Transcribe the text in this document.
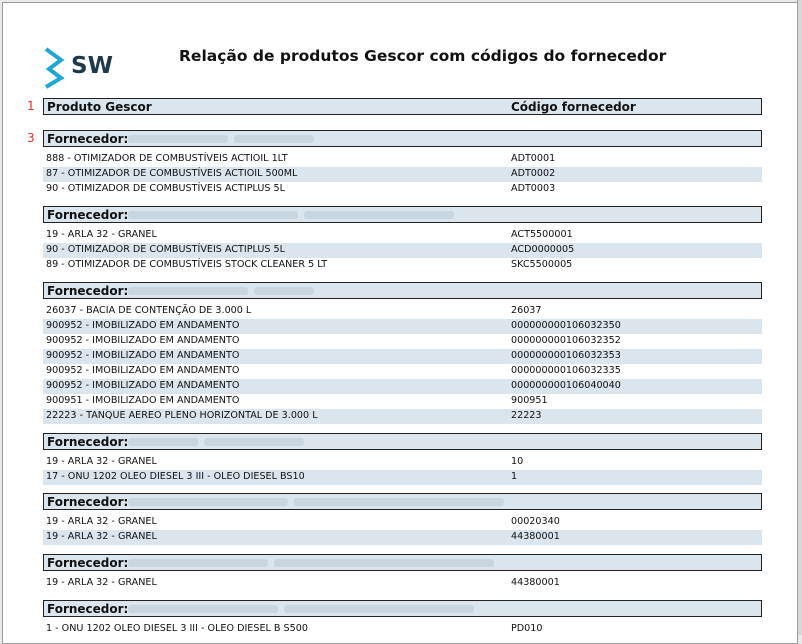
SW	Relação de produtos Gescor com códigos do fornecedor
1
3
Produto Gescor	Código fornecedor
Fornecedor:
888 - OTIMIZADOR DE COMBUSTÍVEIS ACTIOIL 1LT	ADT0001
87 - OTIMIZADOR DE COMBUSTÍVEIS ACTIOIL 500ML	ADT0002
90 - OTIMIZADOR DE COMBUSTÍVEIS ACTIPLUS 5L	ADT0003
Fornecedor:
19 - ARLA 32 - GRANEL	ACT5500001
90 - OTIMIZADOR DE COMBUSTÍVEIS ACTIPLUS 5L	ACD0000005
89 - OTIMIZADOR DE COMBUSTÍVEIS STOCK CLEANER 5 LT	SKC5500005
Fornecedor:
26037 - BACIA DE CONTENÇÃO DE 3.000 L	26037
900952 - IMOBILIZADO EM ANDAMENTO	000000000106032350
900952 - IMOBILIZADO EM ANDAMENTO	000000000106032352
900952 - IMOBILIZADO EM ANDAMENTO	000000000106032353
900952 - IMOBILIZADO EM ANDAMENTO	000000000106032335
900952 - IMOBILIZADO EM ANDAMENTO	000000000106040040
900951 - IMOBILIZADO EM ANDAMENTO	900951
22223 - TANQUE AEREO PLENO HORIZONTAL DE 3.000 L	22223
Fornecedor:
19 - ARLA 32 - GRANEL	10
17 - ONU 1202 OLEO DIESEL 3 III - OLEO DIESEL BS10	1
Fornecedor:
19 - ARLA 32 - GRANEL	00020340
19 - ARLA 32 - GRANEL	44380001
Fornecedor:
19 - ARLA 32 - GRANEL	44380001
Fornecedor:
1 - ONU 1202 OLEO DIESEL 3 III - OLEO DIESEL B S500	PD010
